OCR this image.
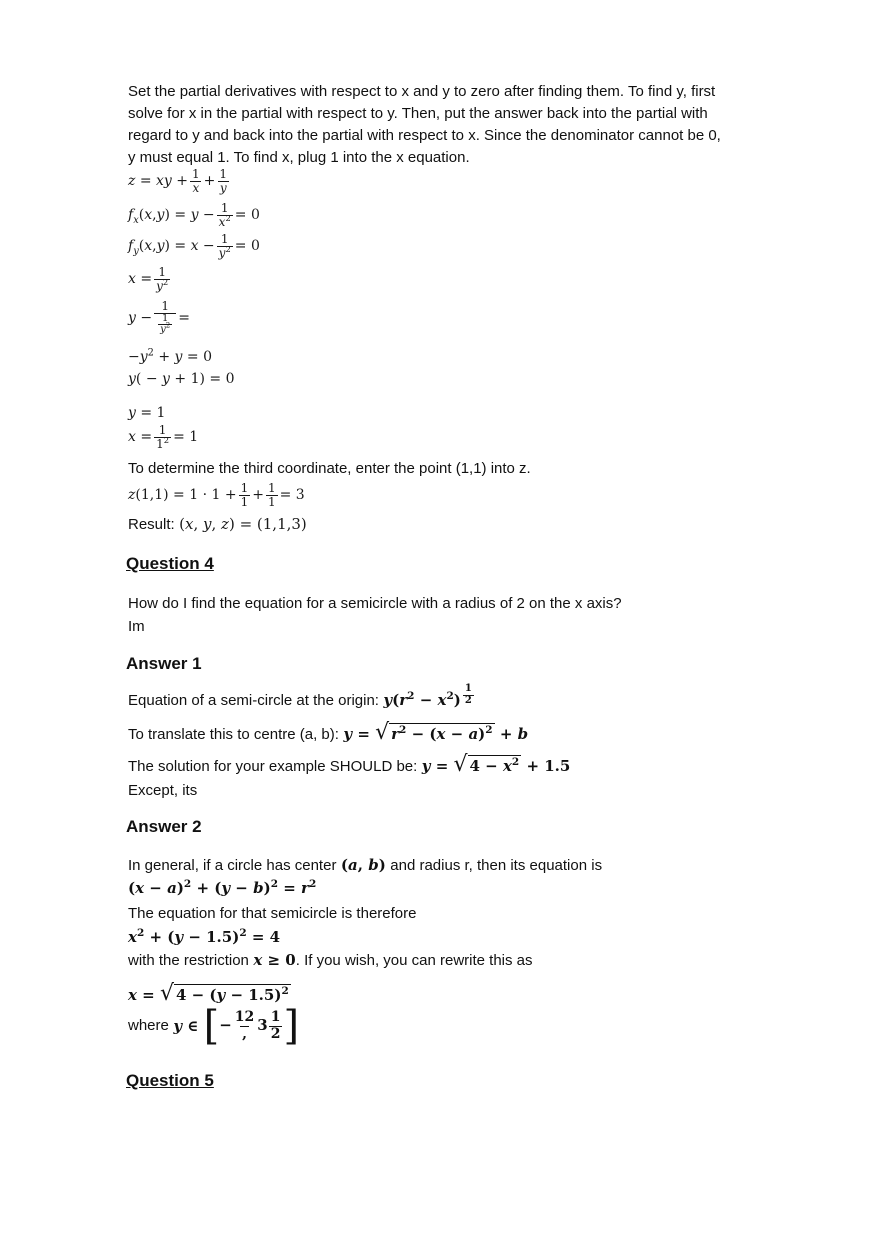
Set the partial derivatives with respect to x and y to zero after finding them. To find y, first
solve for x in the partial with respect to y. Then, put the answer back into the partial with
regard to y and back into the partial with respect to x. Since the denominator cannot be 0,
y must equal 1. To find x, plug 1 into the x equation.
z = xy + $\frac{1}{x} + \frac{1}{y}$
$f_x(x,y) = y - \frac{1}{x^2} = 0$
$f_y(x,y) = x - \frac{1}{y^2} = 0$
$x = \frac{1}{y^2}$
$y - \frac{1}{\frac{1}{y^2}}$ =
$-y^2 + y = 0$
y( − y + 1) = 0
y = 1
$x = \frac{1}{1^2} = 1$
To determine the third coordinate, enter the point (1,1) into z.
$z(1,1) = 1 \cdot 1 + \frac{1}{1} + \frac{1}{1} = 3$
Result: (x, y, z) = (1,1,3)
Question 4
How do I find the equation for a semicircle with a radius of 2 on the x axis?
Im
Answer 1
Equation of a semi-circle at the origin: $y(r^2 - x^2)$ $^{\frac{1}{2}}$
To translate this to centre (a, b): y = √ $r^2 - (x - a)^2 + b$
The solution for your example SHOULD be: y = √ $4 - x^2 + 1.5$
Except, its
Answer 2
In general, if a circle has center (a, b) and radius r, then its equation is
$(x - a)^2 + (y - b)^2 = r^2$
The equation for that semicircle is therefore
$x^2 + (y - 1.5)^2 = 4$
with the restriction x ≥ 0. If you wish, you can rewrite this as
x = √ $4 - (y - 1.5)^2$
where y ∈ [− $\frac{12}{,} 3 \frac{1}{2}$ ]
Question 5
